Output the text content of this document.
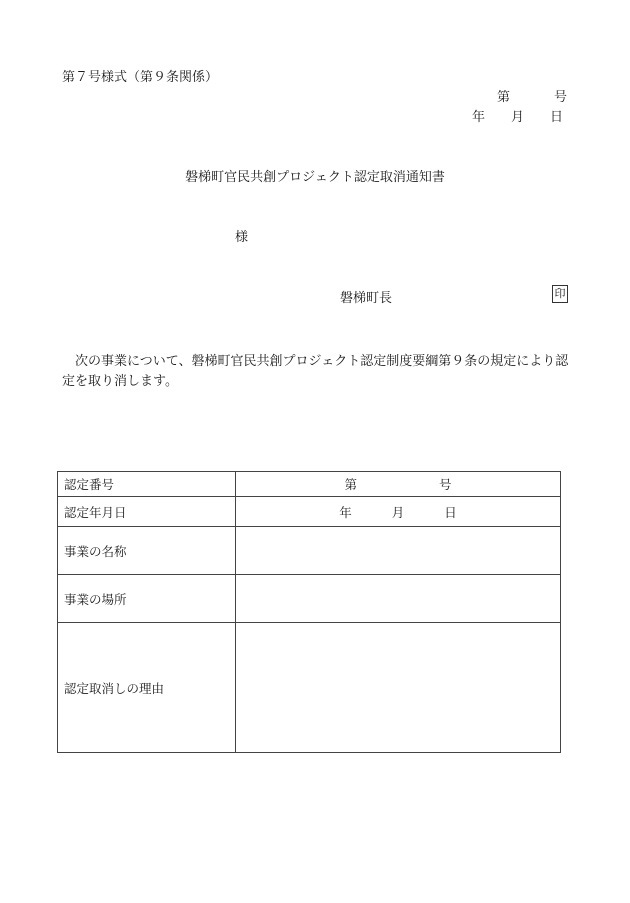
第７号様式（第９条関係）
第	号
年 月 日
磐梯町官民共創プロジェクト認定取消通知書
様
磐梯町長	印
次の事業について、磐梯町官民共創プロジェクト認定制度要綱第９条の規定により認定を取り消します。
認定番号	第 号
認定年月日	年 月 日
事業の名称	
事業の場所	
認定取消しの理由	
